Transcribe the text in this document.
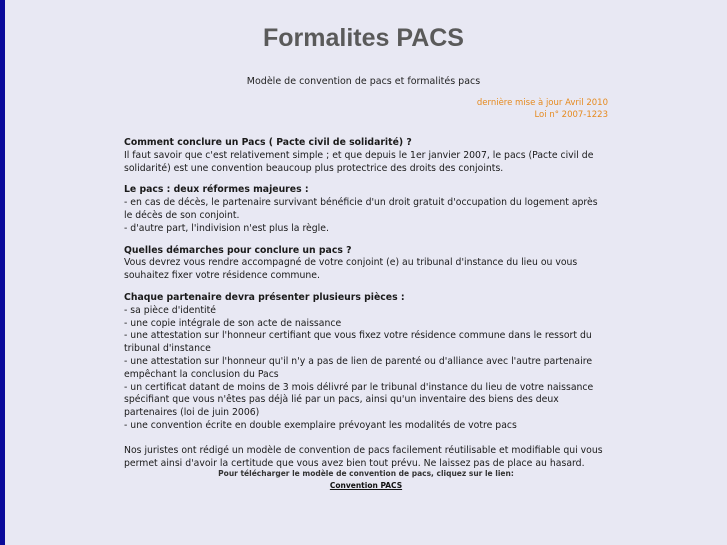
Formalites PACS
Modèle de convention de pacs et formalités pacs
dernière mise à jour Avril 2010
Loi n° 2007-1223
Comment conclure un Pacs ( Pacte civil de solidarité) ?
Il faut savoir que c'est relativement simple ; et que depuis le 1er janvier 2007, le pacs (Pacte civil de solidarité) est une convention beaucoup plus protectrice des droits des conjoints.
Le pacs : deux réformes majeures :
- en cas de décès, le partenaire survivant bénéficie d'un droit gratuit d'occupation du logement après le décès de son conjoint.
- d'autre part, l'indivision n'est plus la règle.
Quelles démarches pour conclure un pacs ?
Vous devrez vous rendre accompagné de votre conjoint (e) au tribunal d'instance du lieu ou vous souhaitez fixer votre résidence commune.
Chaque partenaire devra présenter plusieurs pièces :
- sa pièce d'identité
- une copie intégrale de son acte de naissance
- une attestation sur l'honneur certifiant que vous fixez votre résidence commune dans le ressort du tribunal d'instance
- une attestation sur l'honneur qu'il n'y a pas de lien de parenté ou d'alliance avec l'autre partenaire empêchant la conclusion du Pacs
- un certificat datant de moins de 3 mois délivré par le tribunal d'instance du lieu de votre naissance spécifiant que vous n'êtes pas déjà lié par un pacs, ainsi qu'un inventaire des biens des deux partenaires (loi de juin 2006)
- une convention écrite en double exemplaire prévoyant les modalités de votre pacs
Nos juristes ont rédigé un modèle de convention de pacs facilement réutilisable et modifiable qui vous permet ainsi d'avoir la certitude que vous avez bien tout prévu. Ne laissez pas de place au hasard.
Pour télécharger le modèle de convention de pacs, cliquez sur le lien:
Convention PACS
